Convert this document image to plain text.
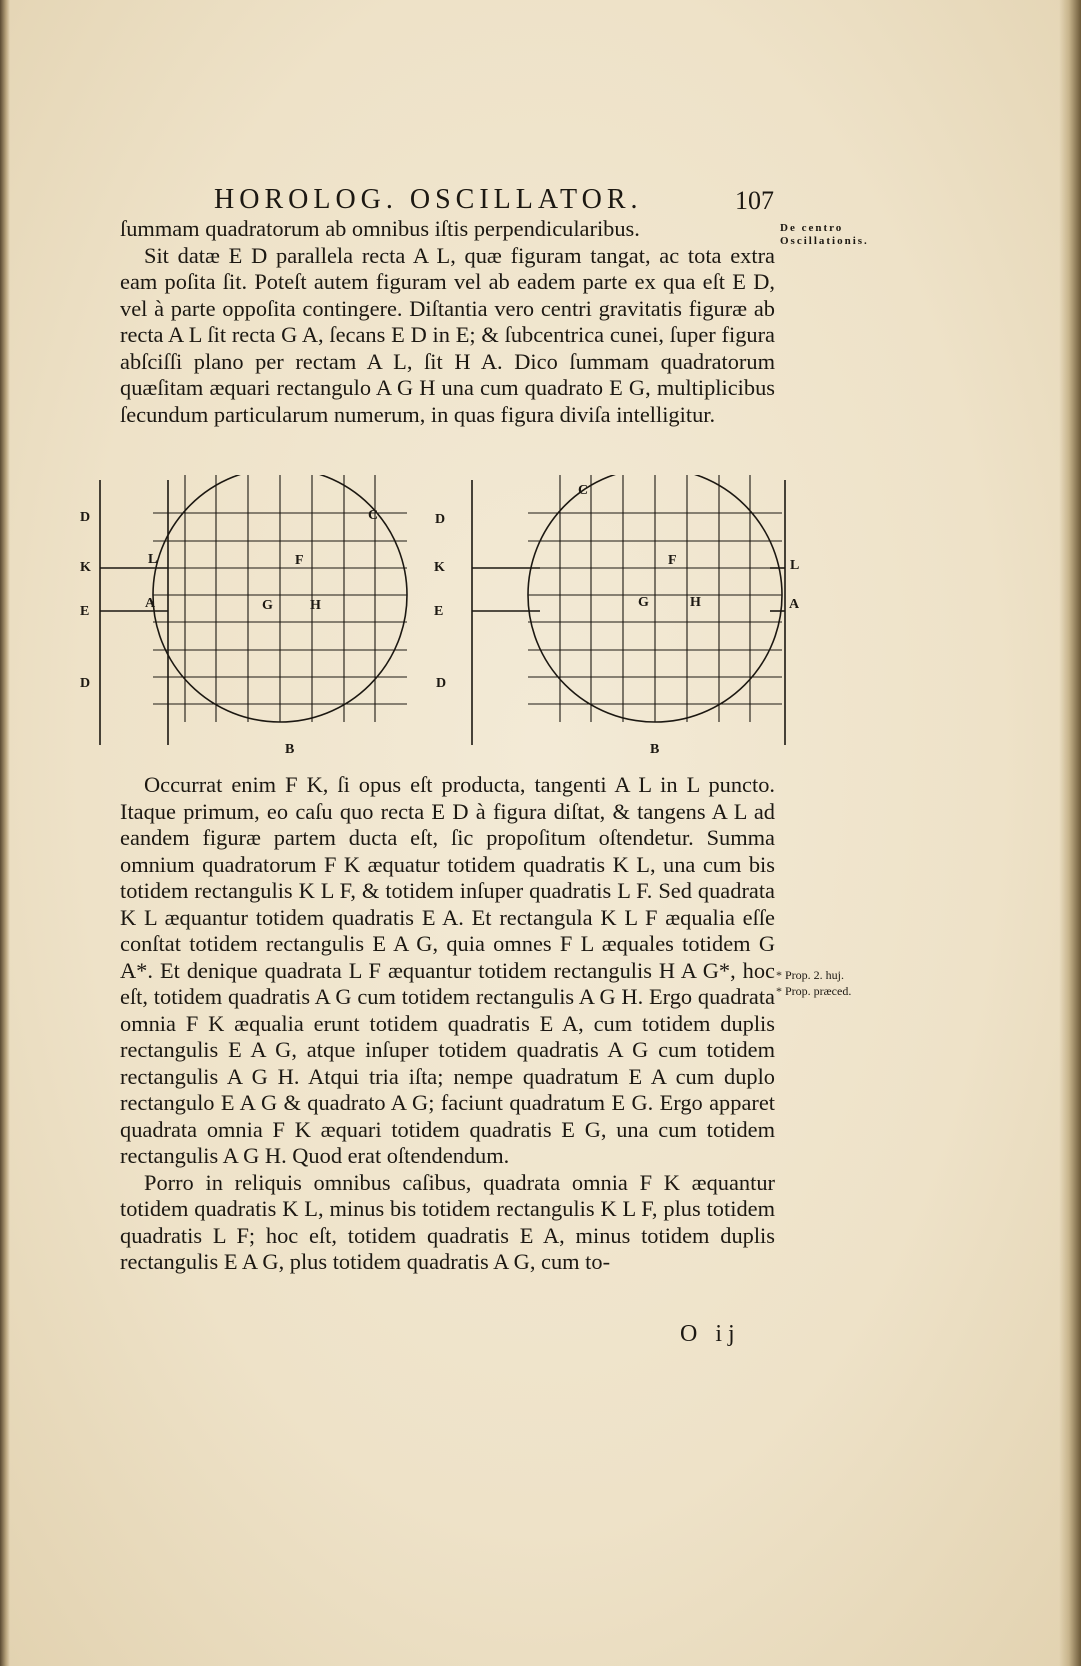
HOROLOG. OSCILLATOR.	107
De centro Oscillationis.

ſummam quadratorum ab omnibus iſtis perpendicularibus.

Sit datæ E D parallela recta A L, quæ figuram tangat, ac tota extra eam poſita ſit. Poteſt autem figuram vel ab eadem parte ex qua eſt E D, vel à parte oppoſita contingere. Diſtantia vero centri gravitatis figuræ ab recta A L ſit recta G A, ſecans E D in E; & ſubcentrica cunei, ſuper figura abſciſſi plano per rectam A L, ſit H A. Dico ſummam quadratorum quæſitam æquari rectangulo A G H una cum quadrato E G, multiplicibus ſecundum particularum numerum, in quas figura diviſa intelligitur.

D
K
E
D
L
A
C
F
G	H
B
D
K
E
D
C
F
G	H
L
A
B

Occurrat enim F K, ſi opus eſt producta, tangenti A L in L puncto. Itaque primum, eo caſu quo recta E D à figura diſtat, & tangens A L ad eandem figuræ partem ducta eſt, ſic propoſitum oſtendetur. Summa omnium quadratorum F K æquatur totidem quadratis K L, una cum bis totidem rectangulis K L F, & totidem inſuper quadratis L F. Sed quadrata K L æquantur totidem quadratis E A. Et rectangula K L F æqualia eſſe conſtat totidem rectangulis E A G, quia omnes F L æquales totidem G A*. Et denique quadrata L F æquantur totidem rectangulis H A G*, hoc eſt, totidem quadratis A G cum totidem rectangulis A G H. Ergo quadrata omnia F K æqualia erunt totidem quadratis E A, cum totidem duplis rectangulis E A G, atque inſuper totidem quadratis A G cum totidem rectangulis A G H. Atqui tria iſta; nempe quadratum E A cum duplo rectangulo E A G & quadrato A G; faciunt quadratum E G. Ergo apparet quadrata omnia F K æquari totidem quadratis E G, una cum totidem rectangulis A G H. Quod erat oſtendendum.

Porro in reliquis omnibus caſibus, quadrata omnia F K æquantur totidem quadratis K L, minus bis totidem rectangulis K L F, plus totidem quadratis L F; hoc eſt, totidem quadratis E A, minus totidem duplis rectangulis E A G, plus totidem quadratis A G, cum to-

* Prop. 2. huj.
* Prop. præced.
O ij
